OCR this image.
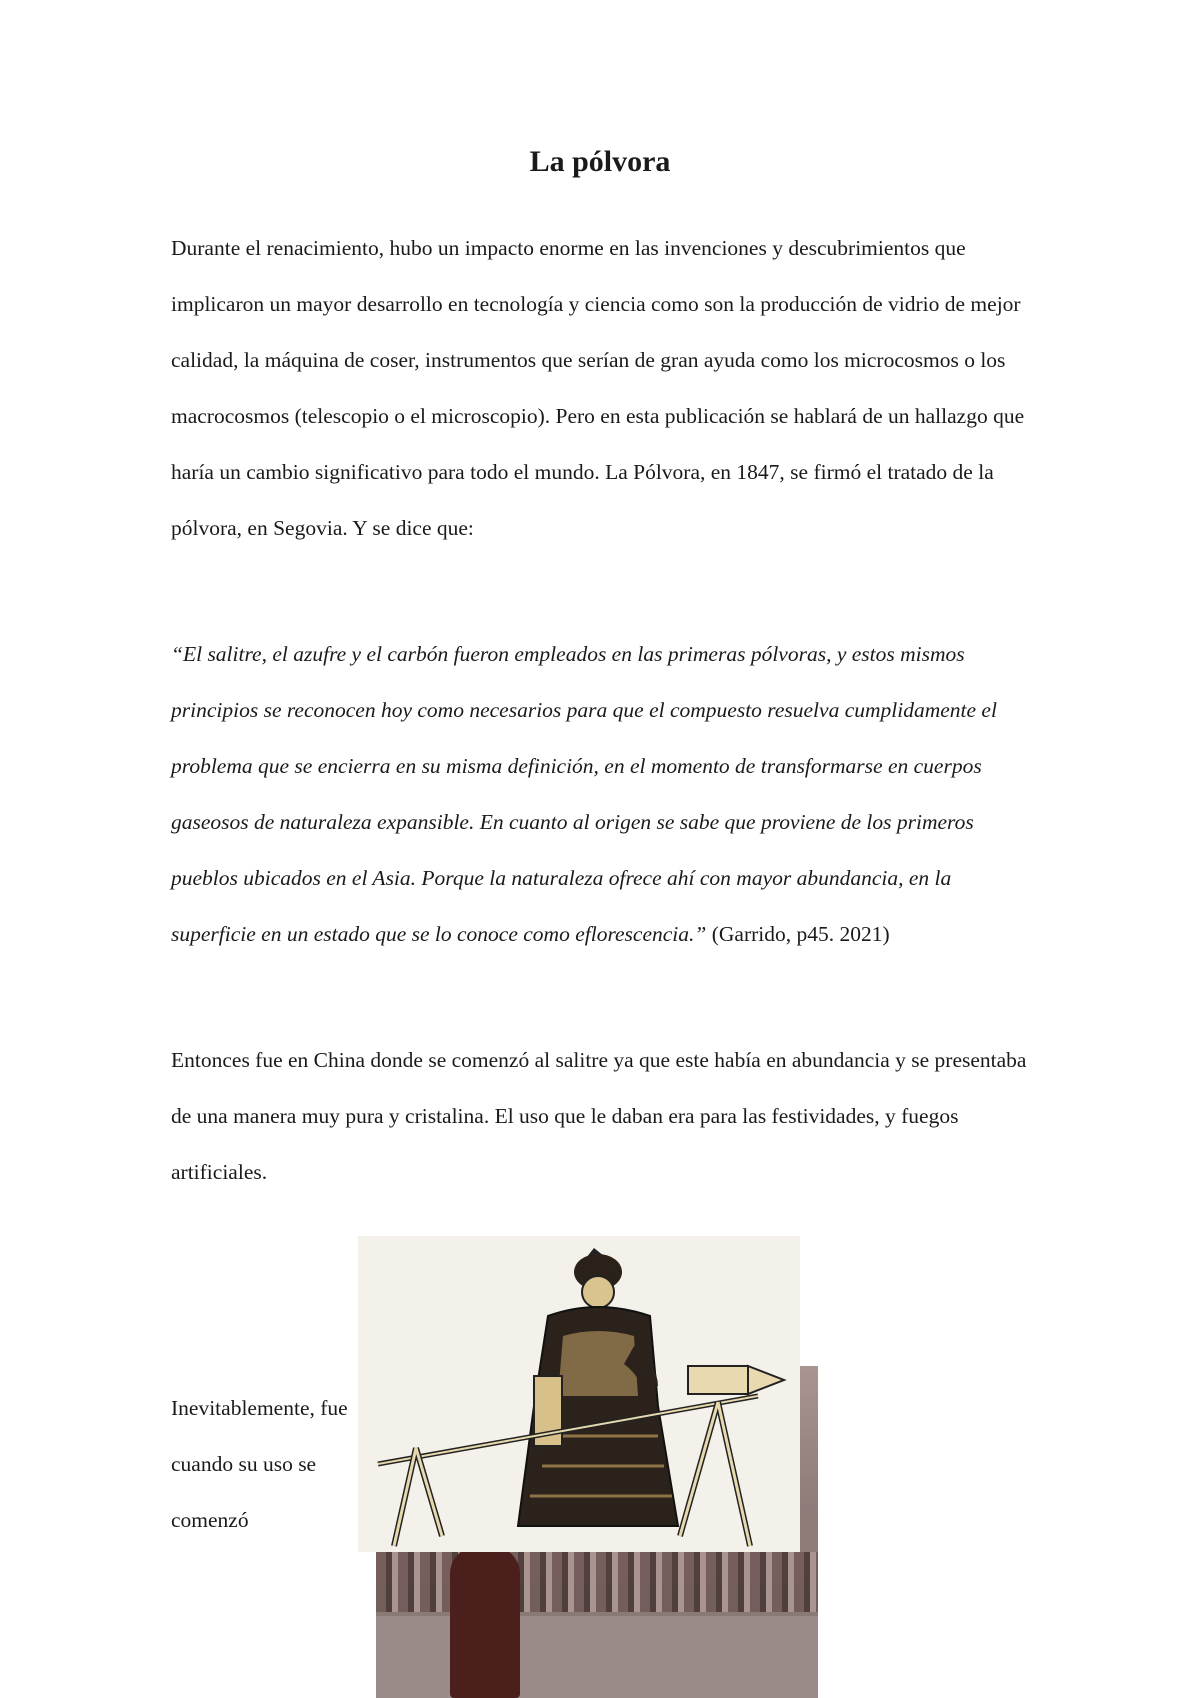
La pólvora

Durante el renacimiento, hubo un impacto enorme en las invenciones y descubrimientos que implicaron un mayor desarrollo en tecnología y ciencia como son la producción de vidrio de mejor calidad, la máquina de coser, instrumentos que serían de gran ayuda como los microcosmos o los macrocosmos (telescopio o el microscopio). Pero en esta publicación se hablará de un hallazgo que haría un cambio significativo para todo el mundo. La Pólvora, en 1847, se firmó el tratado de la pólvora, en Segovia. Y se dice que:

“El salitre, el azufre y el carbón fueron empleados en las primeras pólvoras, y estos mismos principios se reconocen hoy como necesarios para que el compuesto resuelva cumplidamente el problema que se encierra en su misma definición, en el momento de transformarse en cuerpos gaseosos de naturaleza expansible. En cuanto al origen se sabe que proviene de los primeros pueblos ubicados en el Asia. Porque la naturaleza ofrece ahí con mayor abundancia, en la superficie en un estado que se lo conoce como eflorescencia.” (Garrido, p45. 2021)

Entonces fue en China donde se comenzó al salitre ya que este había en abundancia y se presentaba de una manera muy pura y cristalina. El uso que le daban era para las festividades, y fuegos artificiales.

Inevitablemente, fue cuando su uso se comenzó
